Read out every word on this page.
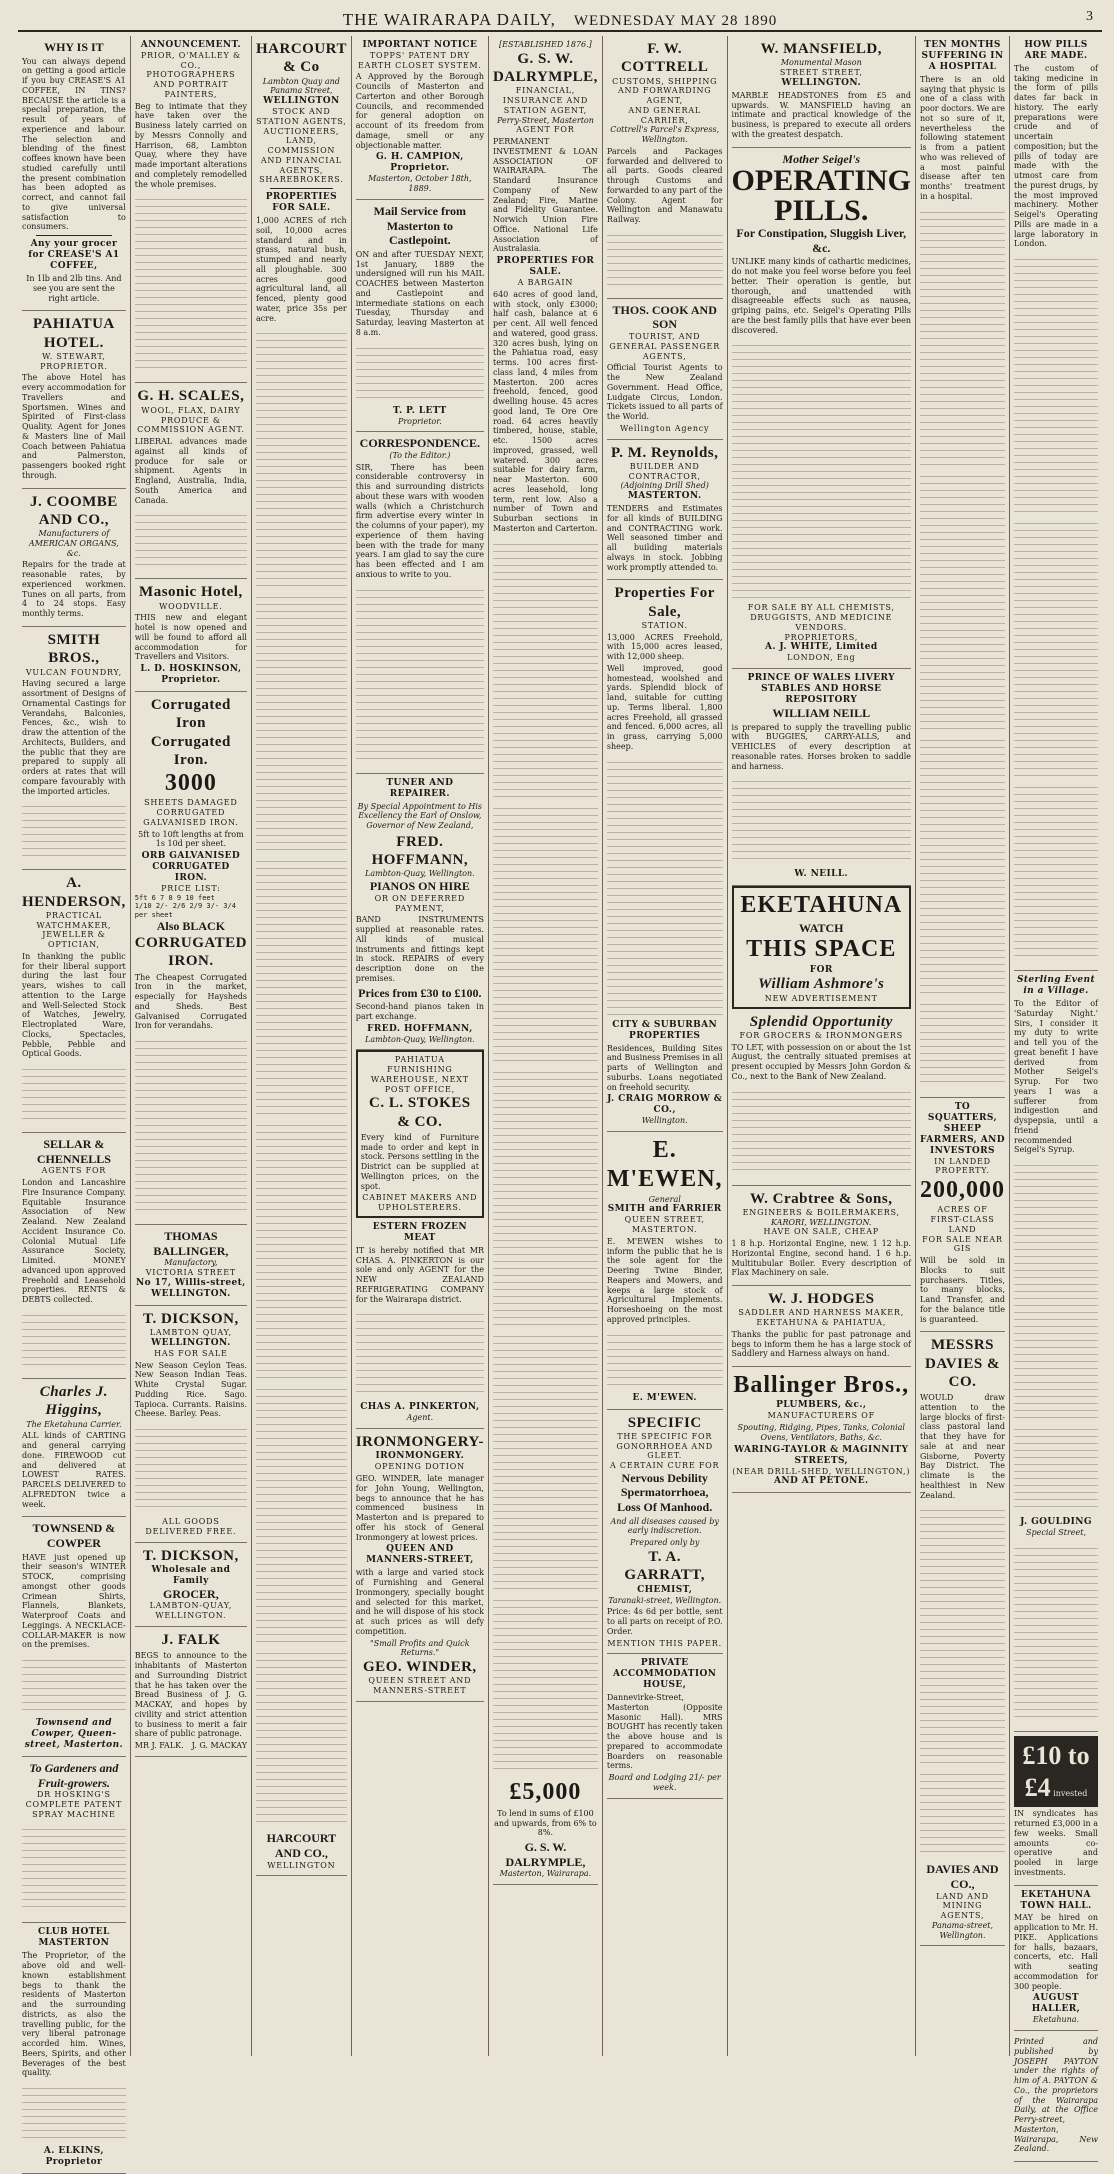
THE WAIRARAPA DAILY, WEDNESDAY MAY 28 1890	3
WHY IS IT

You can always depend on getting a good article if you buy CREASE'S A1 COFFEE, IN TINS? BECAUSE the article is a special preparation, the result of years of experience and labour. The selection and blending of the finest coffees known have been studied carefully until the present combination has been adopted as correct, and cannot fail to give universal satisfaction to consumers.

Any your grocer for CREASE'S A1 COFFEE,

In 1lb and 2lb tins. And see you are sent the right article.

PAHIATUA HOTEL.
W. STEWART, PROPRIETOR.

The above Hotel has every accommodation for Travellers and Sportsmen. Wines and Spirited of First-class Quality. Agent for Jones & Masters line of Mail Coach between Pahiatua and Palmerston, passengers booked right through.

J. COOMBE AND CO.,
Manufacturers of AMERICAN ORGANS, &c.

Repairs for the trade at reasonable rates, by experienced workmen. Tunes on all parts, from 4 to 24 stops. Easy monthly terms.

SMITH BROS.,
VULCAN FOUNDRY,

Having secured a large assortment of Designs of Ornamental Castings for Verandahs, Balconies, Fences, &c., wish to draw the attention of the Architects, Builders, and the public that they are prepared to supply all orders at rates that will compare favourably with the imported articles.

A. HENDERSON,
PRACTICAL WATCHMAKER, JEWELLER & OPTICIAN,

In thanking the public for their liberal support during the last four years, wishes to call attention to the Large and Well-Selected Stock of Watches, Jewelry, Electroplated Ware, Clocks, Spectacles, Pebble, Pebble and Optical Goods.

SELLAR & CHENNELLS
AGENTS FOR

London and Lancashire Fire Insurance Company. Equitable Insurance Association of New Zealand. New Zealand Accident Insurance Co. Colonial Mutual Life Assurance Society, Limited. MONEY advanced upon approved Freehold and Leasehold properties. RENTS & DEBTS collected.

Charles J. Higgins,
The Eketahuna Carrier.

ALL kinds of CARTING and general carrying done. FIREWOOD cut and delivered at LOWEST RATES. PARCELS DELIVERED to ALFREDTON twice a week.

TOWNSEND & COWPER

HAVE just opened up their season's WINTER STOCK, comprising amongst other goods Crimean Shirts, Flannels, Blankets, Waterproof Coats and Leggings. A NECKLACE-COLLAR-MAKER is now on the premises.

Townsend and Cowper, Queen-street, Masterton.
To Gardeners and Fruit-growers.
DR HOSKING'S COMPLETE PATENT SPRAY MACHINE
CLUB HOTEL MASTERTON

The Proprietor, of the above old and well-known establishment begs to thank the residents of Masterton and the surrounding districts, as also the travelling public, for the very liberal patronage accorded him. Wines, Beers, Spirits, and other Beverages of the best quality.

A. ELKINS, Proprietor
ANNOUNCEMENT.
PRIOR, O'MALLEY & CO., PHOTOGRAPHERS AND PORTRAIT PAINTERS,

Beg to intimate that they have taken over the Business lately carried on by Messrs Connolly and Harrison, 68, Lambton Quay, where they have made important alterations and completely remodelled the whole premises.

G. H. SCALES,
WOOL, FLAX, DAIRY PRODUCE & COMMISSION AGENT.

LIBERAL advances made against all kinds of produce for sale or shipment. Agents in England, Australia, India, South America and Canada.

Masonic Hotel,
WOODVILLE.

THIS new and elegant hotel is now opened and will be found to afford all accommodation for Travellers and Visitors.

L. D. HOSKINSON, Proprietor.
Corrugated Iron
Corrugated Iron.
3000
SHEETS DAMAGED CORRUGATED GALVANISED IRON.

5ft to 10ft lengths at from 1s 10d per sheet.

ORB GALVANISED CORRUGATED IRON.
PRICE LIST:
5ft 6 7 8 9 10 feet
1/10 2/- 2/6 2/9 3/- 3/4 per sheet
Also BLACK
CORRUGATED IRON.

The Cheapest Corrugated Iron in the market, especially for Haysheds and Sheds. Best Galvanised Corrugated Iron for verandahs.

THOMAS BALLINGER,
Manufactory,
VICTORIA STREET
No 17, Willis-street,
WELLINGTON.
T. DICKSON,
LAMBTON QUAY,
WELLINGTON.
HAS FOR SALE

New Season Ceylon Teas. New Season Indian Teas. White Crystal Sugar. Pudding Rice. Sago. Tapioca. Currants. Raisins. Cheese. Barley. Peas.

ALL GOODS DELIVERED FREE.
T. DICKSON,
Wholesale and Family
GROCER,
LAMBTON-QUAY, WELLINGTON.
J. FALK

BEGS to announce to the inhabitants of Masterton and Surrounding District that he has taken over the Bread Business of J. G. MACKAY, and hopes by civility and strict attention to business to merit a fair share of public patronage.

MR J. FALK. J. G. MACKAY
HARCOURT & Co
Lambton Quay and Panama Street,
WELLINGTON
STOCK AND STATION AGENTS, AUCTIONEERS,
LAND, COMMISSION AND FINANCIAL AGENTS, SHAREBROKERS.
PROPERTIES FOR SALE.

1,000 ACRES of rich soil, 10,000 acres standard and in grass, natural bush, stumped and nearly all ploughable. 300 acres good agricultural land, all fenced, plenty good water, price 35s per acre.

HARCOURT AND CO.,
WELLINGTON
IMPORTANT NOTICE
TOPPS' PATENT DRY EARTH CLOSET SYSTEM.

A Approved by the Borough Councils of Masterton and Carterton and other Borough Councils, and recommended for general adoption on account of its freedom from damage, smell or any objectionable matter.

G. H. CAMPION, Proprietor.
Masterton, October 18th, 1889.
Mail Service from Masterton to Castlepoint.

ON and after TUESDAY NEXT, 1st January, 1889 the undersigned will run his MAIL COACHES between Masterton and Castlepoint and intermediate stations on each Tuesday, Thursday and Saturday, leaving Masterton at 8 a.m.

T. P. LETT
Proprietor.
CORRESPONDENCE.
(To the Editor.)

SIR, There has been considerable controversy in this and surrounding districts about these wars with wooden walls (which a Christchurch firm advertise every winter in the columns of your paper), my experience of them having been with the trade for many years. I am glad to say the cure has been effected and I am anxious to write to you.

TUNER AND REPAIRER.

By Special Appointment to His Excellency the Earl of Onslow, Governor of New Zealand,

FRED. HOFFMANN,
Lambton-Quay, Wellington.
PIANOS ON HIRE
OR ON DEFERRED PAYMENT,

BAND INSTRUMENTS supplied at reasonable rates. All kinds of musical instruments and fittings kept in stock. REPAIRS of every description done on the premises.

Prices from £30 to £100.

Second-hand pianos taken in part exchange.

FRED. HOFFMANN,
Lambton-Quay, Wellington.
PAHIATUA FURNISHING WAREHOUSE, NEXT POST OFFICE,
C. L. STOKES & CO.

Every kind of Furniture made to order and kept in stock. Persons settling in the District can be supplied at Wellington prices, on the spot.

CABINET MAKERS AND UPHOLSTERERS.
ESTERN FROZEN MEAT

IT is hereby notified that MR CHAS. A. PINKERTON is our sole and only AGENT for the NEW ZEALAND REFRIGERATING COMPANY for the Wairarapa district.

CHAS A. PINKERTON,
Agent.
IRONMONGERY-
IRONMONGERY.
OPENING DOTION

GEO. WINDER, late manager for John Young, Wellington, begs to announce that he has commenced business in Masterton and is prepared to offer his stock of General Ironmongery at lowest prices.

QUEEN AND MANNERS-STREET,

with a large and varied stock of Furnishing and General Ironmongery, specially bought and selected for this market, and he will dispose of his stock at such prices as will defy competition.

"Small Profits and Quick Returns."
GEO. WINDER,
QUEEN STREET AND MANNERS-STREET
[ESTABLISHED 1876.]
G. S. W. DALRYMPLE,
FINANCIAL, INSURANCE AND STATION AGENT,
Perry-Street, Masterton
AGENT FOR

PERMANENT INVESTMENT & LOAN ASSOCIATION OF WAIRARAPA. The Standard Insurance Company of New Zealand; Fire, Marine and Fidelity Guarantee. Norwich Union Fire Office. National Life Association of Australasia.

PROPERTIES FOR SALE.
A BARGAIN

640 acres of good land, with stock, only £3000; half cash, balance at 6 per cent. All well fenced and watered, good grass. 320 acres bush, lying on the Pahiatua road, easy terms. 100 acres first-class land, 4 miles from Masterton. 200 acres freehold, fenced, good dwelling house. 45 acres good land, Te Ore Ore road. 64 acres heavily timbered, house, stable, etc. 1500 acres improved, grassed, well watered. 300 acres suitable for dairy farm, near Masterton. 600 acres leasehold, long term, rent low. Also a number of Town and Suburban sections in Masterton and Carterton.

£5,000

To lend in sums of £100 and upwards, from 6% to 8%.

G. S. W. DALRYMPLE,
Masterton, Wairarapa.
F. W. COTTRELL
CUSTOMS, SHIPPING AND FORWARDING AGENT,
AND GENERAL CARRIER,
Cottrell's Parcel's Express, Wellington.

Parcels and Packages forwarded and delivered to all parts. Goods cleared through Customs and forwarded to any part of the Colony. Agent for Wellington and Manawatu Railway.

THOS. COOK AND SON
TOURIST, AND GENERAL PASSENGER AGENTS,

Official Tourist Agents to the New Zealand Government. Head Office, Ludgate Circus, London. Tickets issued to all parts of the World.

Wellington Agency
P. M. Reynolds,
BUILDER AND CONTRACTOR,
(Adjoining Drill Shed)
MASTERTON.

TENDERS and Estimates for all kinds of BUILDING and CONTRACTING work. Well seasoned timber and all building materials always in stock. Jobbing work promptly attended to.

Properties For Sale,
STATION.

13,000 ACRES Freehold, with 15,000 acres leased, with 12,000 sheep.

Well improved, good homestead, woolshed and yards. Splendid block of land, suitable for cutting up. Terms liberal. 1,800 acres Freehold, all grassed and fenced. 6,000 acres, all in grass, carrying 5,000 sheep.

CITY & SUBURBAN PROPERTIES

Residences, Building Sites and Business Premises in all parts of Wellington and suburbs. Loans negotiated on freehold security.

J. CRAIG MORROW & CO.,
Wellington.
E. M'EWEN,
General
SMITH and FARRIER
QUEEN STREET, MASTERTON.

E. M'EWEN wishes to inform the public that he is the sole agent for the Deering Twine Binder, Reapers and Mowers, and keeps a large stock of Agricultural Implements. Horseshoeing on the most approved principles.

E. M'EWEN.
SPECIFIC
THE SPECIFIC FOR GONORRHOEA AND GLEET.
A CERTAIN CURE FOR
Nervous Debility
Spermatorrhoea,
Loss Of Manhood.

And all diseases caused by early indiscretion.

Prepared only by
T. A. GARRATT,
CHEMIST,
Taranaki-street, Wellington.

Price: 4s 6d per bottle, sent to all parts on receipt of P.O. Order.

MENTION THIS PAPER.
PRIVATE ACCOMMODATION HOUSE,

Dannevirke-Street, Masterton (Opposite Masonic Hall). MRS BOUGHT has recently taken the above house and is prepared to accommodate Boarders on reasonable terms.

Board and Lodging 21/- per week.
W. MANSFIELD,
Monumental Mason
STREET STREET,
WELLINGTON.

MARBLE HEADSTONES from £5 and upwards. W. MANSFIELD having an intimate and practical knowledge of the business, is prepared to execute all orders with the greatest despatch.

Mother Seigel's
OPERATING
PILLS.
For Constipation, Sluggish Liver, &c.

UNLIKE many kinds of cathartic medicines, do not make you feel worse before you feel better. Their operation is gentle, but thorough, and unattended with disagreeable effects such as nausea, griping pains, etc. Seigel's Operating Pills are the best family pills that have ever been discovered.

FOR SALE BY ALL CHEMISTS, DRUGGISTS, AND MEDICINE VENDORS.
PROPRIETORS,
A. J. WHITE, Limited
LONDON, Eng
PRINCE OF WALES LIVERY STABLES AND HORSE REPOSITORY
WILLIAM NEILL

is prepared to supply the travelling public with BUGGIES, CARRY-ALLS, and VEHICLES of every description at reasonable rates. Horses broken to saddle and harness.

W. NEILL.
EKETAHUNA
WATCH
THIS SPACE
FOR
William Ashmore's
NEW ADVERTISEMENT
Splendid Opportunity
FOR GROCERS & IRONMONGERS

TO LET, with possession on or about the 1st August, the centrally situated premises at present occupied by Messrs John Gordon & Co., next to the Bank of New Zealand.

W. Crabtree & Sons,
ENGINEERS & BOILERMAKERS,
KARORI, WELLINGTON.
HAVE ON SALE, CHEAP

1 8 h.p. Horizontal Engine, new. 1 12 h.p. Horizontal Engine, second hand. 1 6 h.p. Multitubular Boiler. Every description of Flax Machinery on sale.

W. J. HODGES
SADDLER AND HARNESS MAKER, EKETAHUNA & PAHIATUA,

Thanks the public for past patronage and begs to inform them he has a large stock of Saddlery and Harness always on hand.

Ballinger Bros.,
PLUMBERS, &c.,
MANUFACTURERS OF

Spouting, Ridging, Pipes, Tanks, Colonial Ovens, Ventilators, Baths, &c.

WARING-TAYLOR & MAGINNITY STREETS,
(NEAR DRILL-SHED, WELLINGTON,)
AND AT PETONE.
TEN MONTHS SUFFERING IN A HOSPITAL

There is an old saying that physic is one of a class with poor doctors. We are not so sure of it, nevertheless the following statement is from a patient who was relieved of a most painful disease after ten months' treatment in a hospital.

TO SQUATTERS, SHEEP FARMERS, AND INVESTORS
IN LANDED PROPERTY.
200,000
ACRES OF FIRST-CLASS LAND
FOR SALE NEAR GIS

Will be sold in Blocks to suit purchasers. Titles, to many blocks, Land Transfer, and for the balance title is guaranteed.

MESSRS DAVIES & CO.

WOULD draw attention to the large blocks of first-class pastoral land that they have for sale at and near Gisborne, Poverty Bay District. The climate is the healthiest in New Zealand.

DAVIES AND CO.,
LAND AND MINING AGENTS,
Panama-street, Wellington.
HOW PILLS ARE MADE.

The custom of taking medicine in the form of pills dates far back in history. The early preparations were crude and of uncertain composition; but the pills of today are made with the utmost care from the purest drugs, by the most improved machinery. Mother Seigel's Operating Pills are made in a large laboratory in London.

Sterling Event in a Village.

To the Editor of 'Saturday Night.' Sirs, I consider it my duty to write and tell you of the great benefit I have derived from Mother Seigel's Syrup. For two years I was a sufferer from indigestion and dyspepsia, until a friend recommended Seigel's Syrup.

J. GOULDING
Special Street,
£10 to £4 invested

IN syndicates has returned £3,000 in a few weeks. Small amounts co-operative and pooled in large investments.

EKETAHUNA TOWN HALL.

MAY be hired on application to Mr. H. PIKE. Applications for halls, bazaars, concerts, etc. Hall with seating accommodation for 300 people.

AUGUST HALLER,
Eketahuna.

Printed and published by JOSEPH PAYTON under the rights of him of A. PAYTON & Co., the proprietors of the Wairarapa Daily, at the Office Perry-street, Masterton, Wairarapa, New Zealand.
